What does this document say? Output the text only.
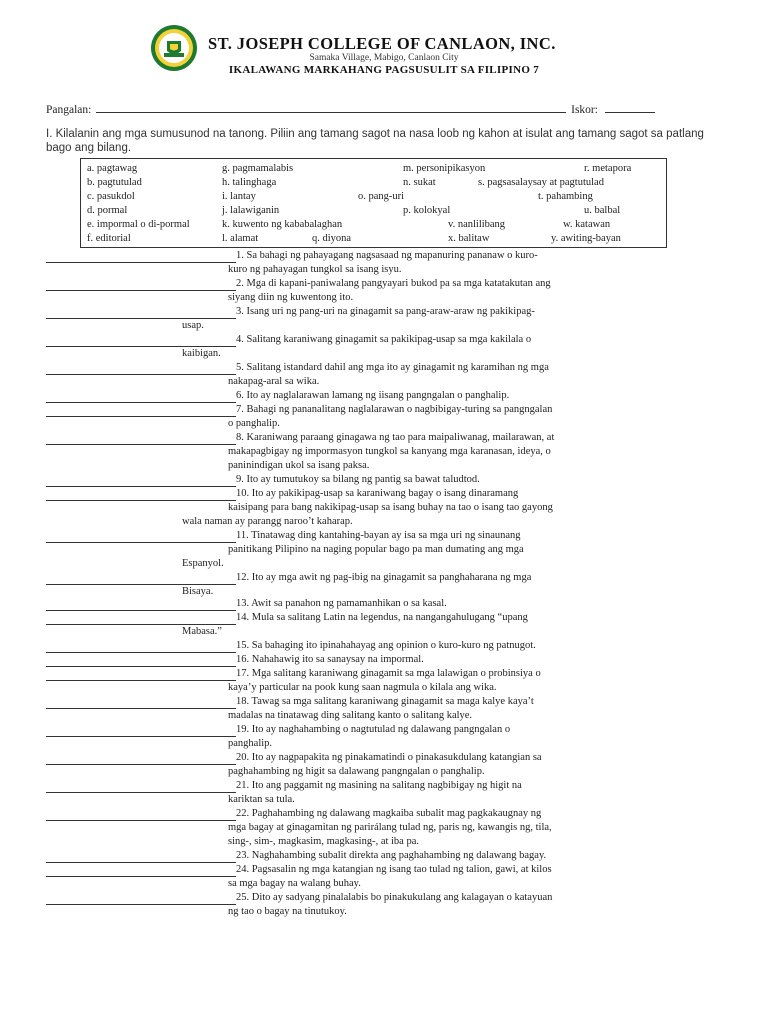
ST. JOSEPH COLLEGE OF CANLAON, INC.
Samaka Village, Mabigo, Canlaon City
IKALAWANG MARKAHANG PAGSUSULIT SA FILIPINO 7
Pangalan:	Iskor:
I. Kilalanin ang mga sumusunod na tanong. Piliin ang tamang sagot na nasa loob ng kahon at isulat ang tamang sagot sa patlang bago ang bilang.
a. pagtawag	g. pagmamalabis	m. personipikasyon	r. metapora
b. pagtutulad	h. talinghaga	n. sukat	s. pagsasalaysay at pagtutulad
c. pasukdol	i. lantay	o. pang-uri	t. pahambing
d. pormal	j. lalawiganin	p. kolokyal	u. balbal
e. impormal o di-pormal	k. kuwento ng kababalaghan	v. nanlilibang	w. katawan
f. editorial	l. alamat	q. diyona	x. balitaw	y. awiting-bayan
1. Sa bahagi ng pahayagang nagsasaad ng mapanuring pananaw o kuro-
kuro ng pahayagan tungkol sa isang isyu.
2. Mga di kapani-paniwalang pangyayari bukod pa sa mga katatakutan ang
siyang diin ng kuwentong ito.
3. Isang uri ng pang-uri na ginagamit sa pang-araw-araw ng pakikipag-
usap.
4. Salitang karaniwang ginagamit sa pakikipag-usap sa mga kakilala o
kaibigan.
5. Salitang istandard dahil ang mga ito ay ginagamit ng karamihan ng mga
nakapag-aral sa wika.
6. Ito ay naglalarawan lamang ng iisang pangngalan o panghalip.
7. Bahagi ng pananalitang naglalarawan o nagbibigay-turing sa pangngalan
o panghalip.
8. Karaniwang paraang ginagawa ng tao para maipaliwanag, mailarawan, at
makapagbigay ng impormasyon tungkol sa kanyang mga karanasan, ideya, o
paninindigan ukol sa isang paksa.
9. Ito ay tumutukoy sa bilang ng pantig sa bawat taludtod.
10. Ito ay pakikipag-usap sa karaniwang bagay o isang dinaramang
kaisipang para bang nakikipag-usap sa isang buhay na tao o isang tao gayong
wala naman ay parangg naroo’t kaharap.
11. Tinatawag ding kantahing-bayan ay isa sa mga uri ng sinaunang
panitikang Pilipino na naging popular bago pa man dumating ang mga
Espanyol.
12. Ito ay mga awit ng pag-ibig na ginagamit sa panghaharana ng mga
Bisaya.
13. Awit sa panahon ng pamamanhikan o sa kasal.
14. Mula sa salitang Latin na legendus, na nangangahulugang “upang
Mabasa.”
15. Sa bahaging ito ipinahahayag ang opinion o kuro-kuro ng patnugot.
16. Nahahawig ito sa sanaysay na impormal.
17. Mga salitang karaniwang ginagamit sa mga lalawigan o probinsiya o
kaya’y particular na pook kung saan nagmula o kilala ang wika.
18. Tawag sa mga salitang karaniwang ginagamit sa maga kalye kaya’t
madalas na tinatawag ding salitang kanto o salitang kalye.
19. Ito ay naghahambing o nagtutulad ng dalawang pangngalan o
panghalip.
20. Ito ay nagpapakita ng pinakamatindi o pinakasukdulang katangian sa
paghahambing ng higit sa dalawang pangngalan o panghalip.
21. Ito ang paggamit ng masining na salitang nagbibigay ng higit na
kariktan sa tula.
22. Paghahambing ng dalawang magkaiba subalit mag pagkakaugnay ng
mga bagay at ginagamitan ng parirálang tulad ng, paris ng, kawangis ng, tila,
sing-, sim-, magkasim, magkasing-, at iba pa.
23. Naghahambing subalit direkta ang paghahambing ng dalawang bagay.
24. Pagsasalin ng mga katangian ng isang tao tulad ng talion, gawi, at kilos
sa mga bagay na walang buhay.
25. Dito ay sadyang pinalalabis bo pinakukulang ang kalagayan o katayuan
ng tao o bagay na tinutukoy.
